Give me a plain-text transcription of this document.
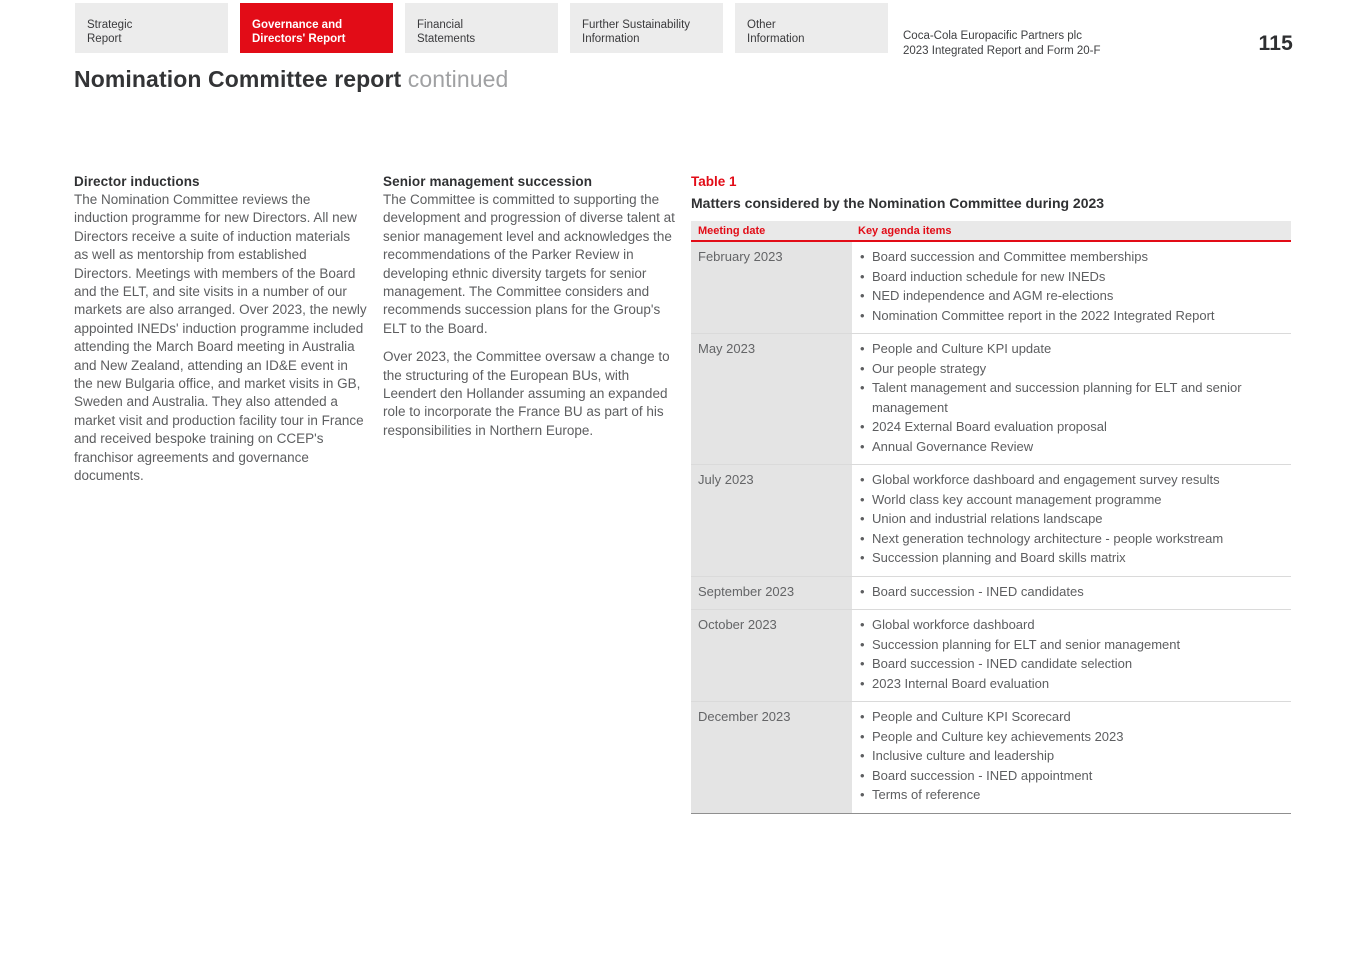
Strategic
Report
Governance and
Directors' Report
Financial
Statements
Further Sustainability
Information
Other
Information	Coca-Cola Europacific Partners plc
2023 Integrated Report and Form 20-F	115
Nomination Committee report continued
Director inductions

The Nomination Committee reviews the induction programme for new Directors. All new Directors receive a suite of induction materials as well as mentorship from established Directors. Meetings with members of the Board and the ELT, and site visits in a number of our markets are also arranged. Over 2023, the newly appointed INEDs' induction programme included attending the March Board meeting in Australia and New Zealand, attending an ID&E event in the new Bulgaria office, and market visits in GB, Sweden and Australia. They also attended a market visit and production facility tour in France and received bespoke training on CCEP's franchisor agreements and governance documents.

Senior management succession

The Committee is committed to supporting the development and progression of diverse talent at senior management level and acknowledges the recommendations of the Parker Review in developing ethnic diversity targets for senior management. The Committee considers and recommends succession plans for the Group's ELT to the Board.

Over 2023, the Committee oversaw a change to the structuring of the European BUs, with Leendert den Hollander assuming an expanded role to incorporate the France BU as part of his responsibilities in Northern Europe.

Table 1
Matters considered by the Nomination Committee during 2023
Meeting date	Key agenda items
February 2023	• Board succession and Committee memberships
• Board induction schedule for new INEDs
• NED independence and AGM re-elections
• Nomination Committee report in the 2022 Integrated Report
May 2023	• People and Culture KPI update
• Our people strategy
• Talent management and succession planning for ELT and senior management
• 2024 External Board evaluation proposal
• Annual Governance Review
July 2023	• Global workforce dashboard and engagement survey results
• World class key account management programme
• Union and industrial relations landscape
• Next generation technology architecture - people workstream
• Succession planning and Board skills matrix
September 2023	• Board succession - INED candidates
October 2023	• Global workforce dashboard
• Succession planning for ELT and senior management
• Board succession - INED candidate selection
• 2023 Internal Board evaluation
December 2023	• People and Culture KPI Scorecard
• People and Culture key achievements 2023
• Inclusive culture and leadership
• Board succession - INED appointment
• Terms of reference
